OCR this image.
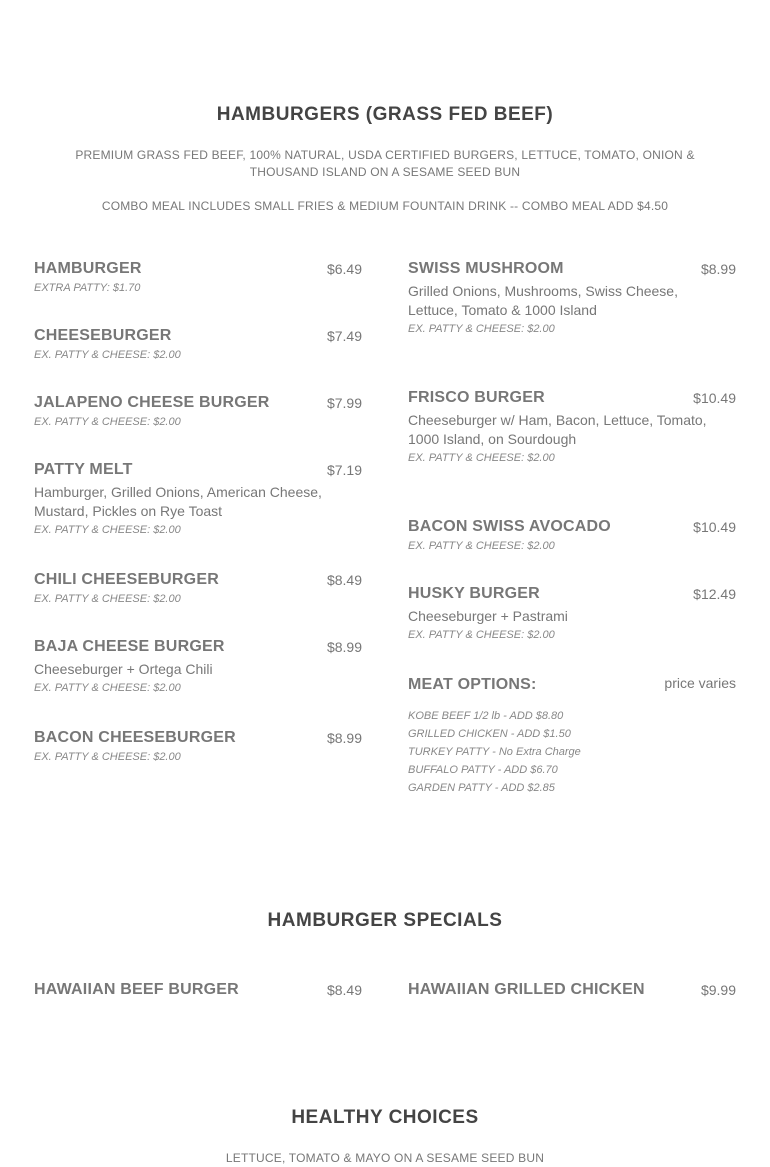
HAMBURGERS (GRASS FED BEEF)

PREMIUM GRASS FED BEEF, 100% NATURAL, USDA CERTIFIED BURGERS, LETTUCE, TOMATO, ONION & THOUSAND ISLAND ON A SESAME SEED BUN

COMBO MEAL INCLUDES SMALL FRIES & MEDIUM FOUNTAIN DRINK -- COMBO MEAL ADD $4.50

HAMBURGER	$6.49
EXTRA PATTY: $1.70
CHEESEBURGER	$7.49
EX. PATTY & CHEESE: $2.00
JALAPENO CHEESE BURGER	$7.99
EX. PATTY & CHEESE: $2.00
PATTY MELT	$7.19
Hamburger, Grilled Onions, American Cheese, Mustard, Pickles on Rye Toast
EX. PATTY & CHEESE: $2.00
CHILI CHEESEBURGER	$8.49
EX. PATTY & CHEESE: $2.00
BAJA CHEESE BURGER	$8.99
Cheeseburger + Ortega Chili
EX. PATTY & CHEESE: $2.00
BACON CHEESEBURGER	$8.99
EX. PATTY & CHEESE: $2.00
SWISS MUSHROOM	$8.99
Grilled Onions, Mushrooms, Swiss Cheese, Lettuce, Tomato & 1000 Island
EX. PATTY & CHEESE: $2.00
FRISCO BURGER	$10.49
Cheeseburger w/ Ham, Bacon, Lettuce, Tomato, 1000 Island, on Sourdough
EX. PATTY & CHEESE: $2.00
BACON SWISS AVOCADO	$10.49
EX. PATTY & CHEESE: $2.00
HUSKY BURGER	$12.49
Cheeseburger + Pastrami
EX. PATTY & CHEESE: $2.00
MEAT OPTIONS:	price varies
KOBE BEEF 1/2 lb - ADD $8.80
GRILLED CHICKEN - ADD $1.50
TURKEY PATTY - No Extra Charge
BUFFALO PATTY - ADD $6.70
GARDEN PATTY - ADD $2.85
HAMBURGER SPECIALS
HAWAIIAN BEEF BURGER	$8.49	HAWAIIAN GRILLED CHICKEN	$9.99
HEALTHY CHOICES

LETTUCE, TOMATO & MAYO ON A SESAME SEED BUN
